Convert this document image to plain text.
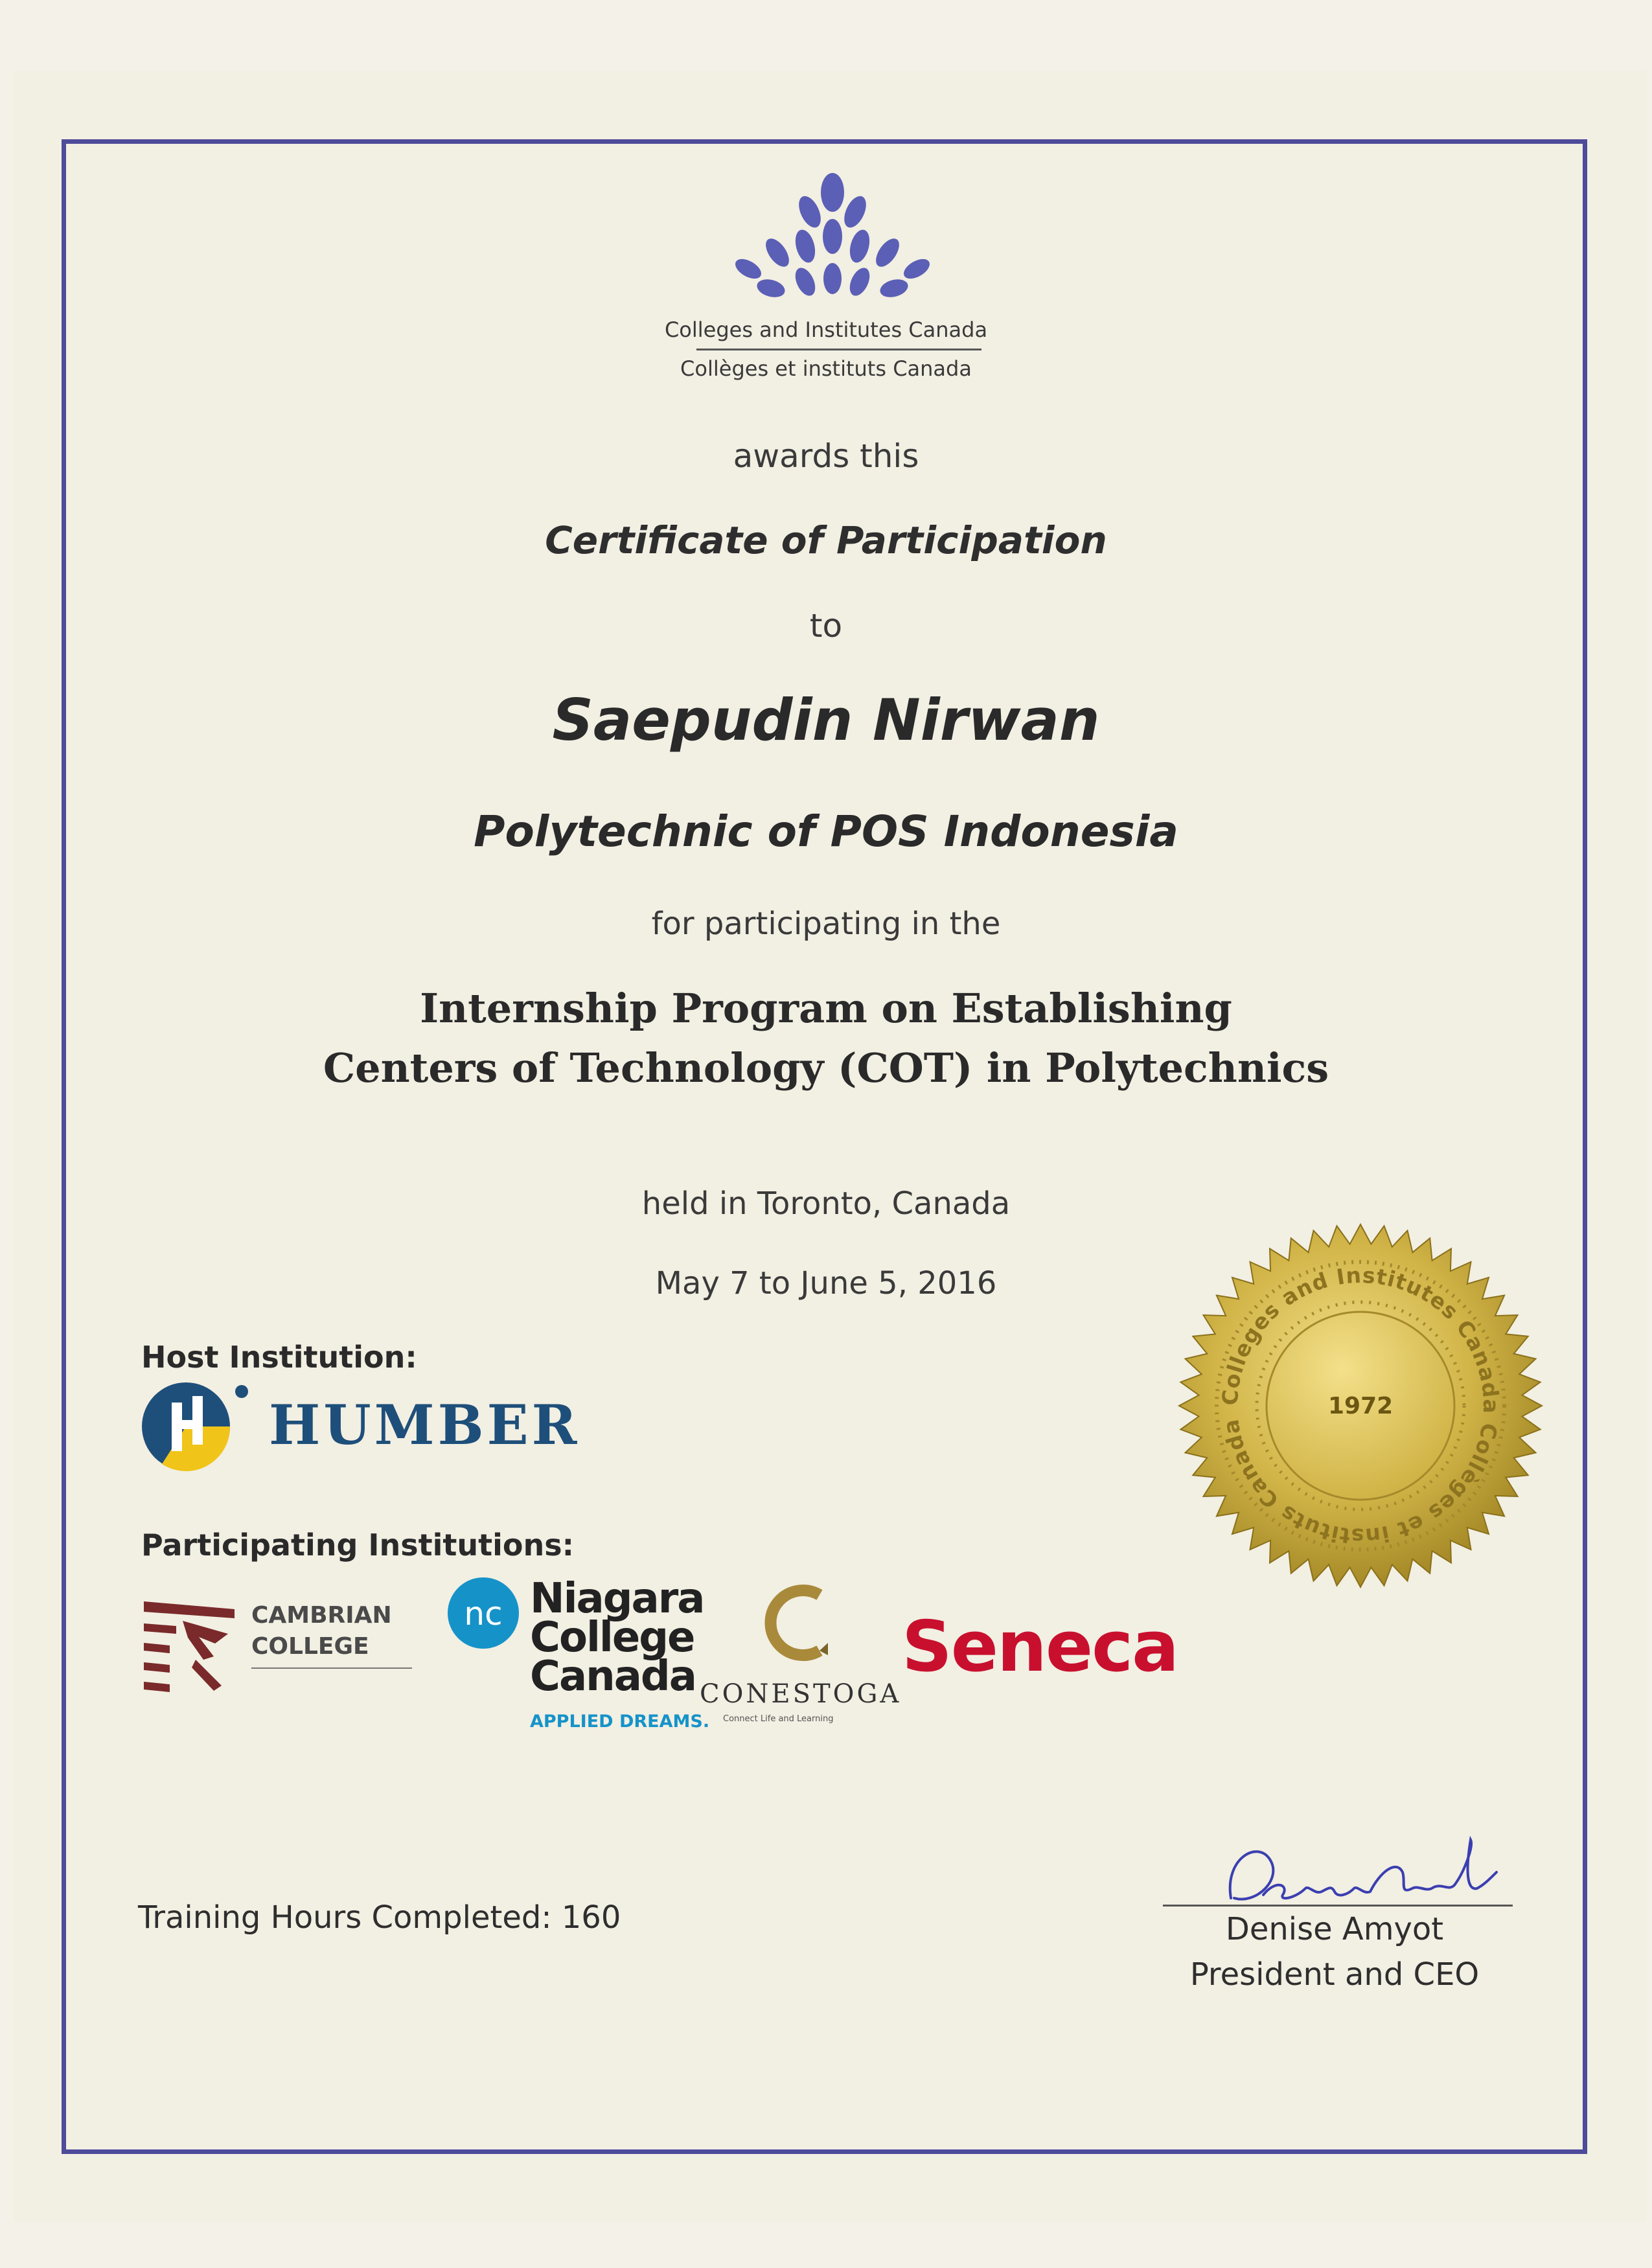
Colleges and Institutes Canada
Collèges et instituts Canada
awards this
Certificate of Participation
to
Saepudin Nirwan
Polytechnic of POS Indonesia
for participating in the
Internship Program on Establishing
Centers of Technology (COT) in Polytechnics
held in Toronto, Canada
May 7 to June 5, 2016
Host Institution:
HUMBER
Participating Institutions:
CAMBRIAN
COLLEGE
nc Niagara
College
Canada
APPLIED DREAMS.
CONESTOGA
Connect Life and Learning
Seneca
Colleges and Institutes Canada Collèges et instituts Canada
1972
Training Hours Completed: 160	Denise Amyot
President and CEO
